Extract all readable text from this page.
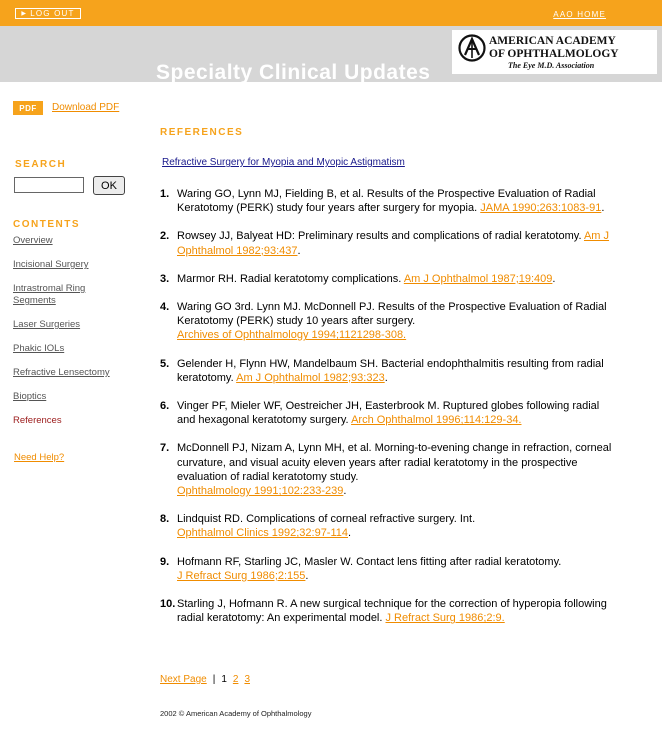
▶ LOG OUT	AAO HOME
Specialty Clinical Updates
AMERICAN ACADEMY
OF OPHTHALMOLOGY
The Eye M.D. Association
PDF	Download PDF
REFERENCES
SEARCH
OK
CONTENTS
Overview
Incisional Surgery
Intrastromal Ring Segments
Laser Surgeries
Phakic IOLs
Refractive Lensectomy
Bioptics
References
Need Help?
Refractive Surgery for Myopia and Myopic Astigmatism
1. Waring GO, Lynn MJ, Fielding B, et al. Results of the Prospective Evaluation of Radial Keratotomy (PERK) study four years after surgery for myopia. JAMA 1990;263:1083-91.
2. Rowsey JJ, Balyeat HD: Preliminary results and complications of radial keratotomy. Am J Ophthalmol 1982;93:437.
3. Marmor RH. Radial keratotomy complications. Am J Ophthalmol 1987;19:409.
4. Waring GO 3rd. Lynn MJ. McDonnell PJ. Results of the Prospective Evaluation of Radial Keratotomy (PERK) study 10 years after surgery.
Archives of Ophthalmology 1994;1121298-308.
5. Gelender H, Flynn HW, Mandelbaum SH. Bacterial endophthalmitis resulting from radial keratotomy. Am J Ophthalmol 1982;93:323.
6. Vinger PF, Mieler WF, Oestreicher JH, Easterbrook M. Ruptured globes following radial and hexagonal keratotomy surgery. Arch Ophthalmol 1996;114:129-34.
7. McDonnell PJ, Nizam A, Lynn MH, et al. Morning-to-evening change in refraction, corneal curvature, and visual acuity eleven years after radial keratotomy in the prospective evaluation of radial keratotomy study.
Ophthalmology 1991;102:233-239.
8. Lindquist RD. Complications of corneal refractive surgery. Int.
Ophthalmol Clinics 1992;32:97-114.
9. Hofmann RF, Starling JC, Masler W. Contact lens fitting after radial keratotomy.
J Refract Surg 1986;2:155.
10. Starling J, Hofmann R. A new surgical technique for the correction of hyperopia following radial keratotomy: An experimental model. J Refract Surg 1986;2:9.
Next Page | 1 2 3
2002 © American Academy of Ophthalmology
